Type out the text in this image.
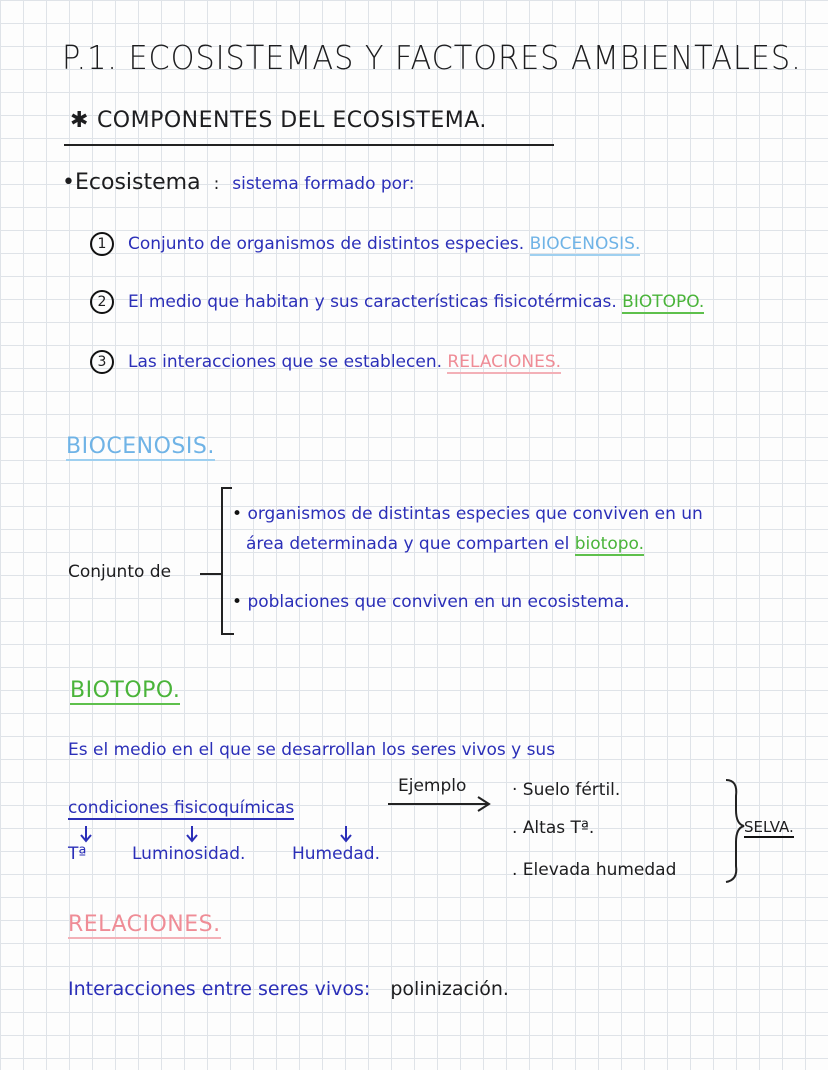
P.1. ECOSISTEMAS Y FACTORES AMBIENTALES.
✱ COMPONENTES DEL ECOSISTEMA.
•Ecosistema : sistema formado por:
1 Conjunto de organismos de distintos especies. BIOCENOSIS.
2 El medio que habitan y sus características fisicotérmicas. BIOTOPO.
3 Las interacciones que se establecen. RELACIONES.
BIOCENOSIS.
Conjunto de
• organismos de distintas especies que conviven en un
área determinada y que comparten el biotopo.
• poblaciones que conviven en un ecosistema.
BIOTOPO.
Es el medio en el que se desarrollan los seres vivos y sus
condiciones fisicoquímicas
Tª	Luminosidad.	Humedad.
Ejemplo	· Suelo fértil.
. Altas Tª.
. Elevada humedad
SELVA.
RELACIONES.
Interacciones entre seres vivos: polinización.
